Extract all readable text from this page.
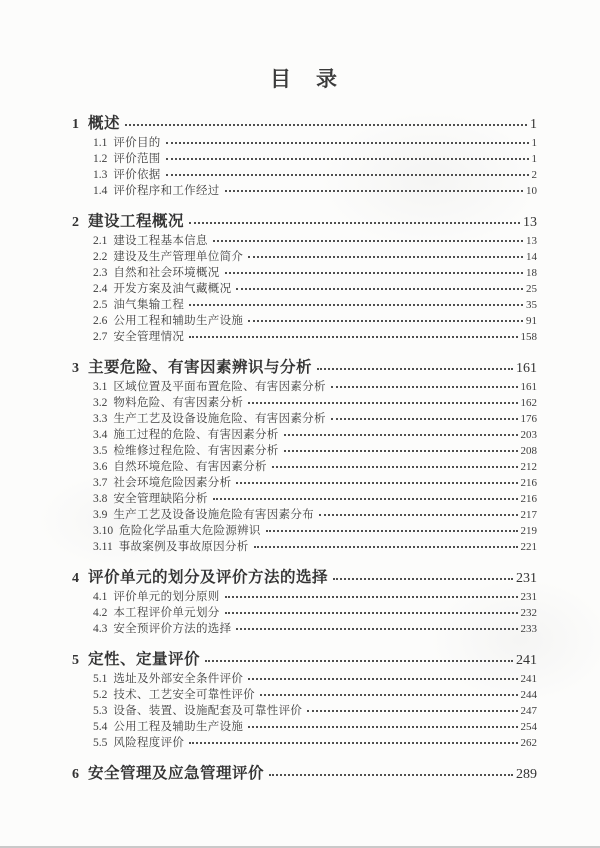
目　录
1 概述	1
1.1 评价目的	1
1.2 评价范围	1
1.3 评价依据	2
1.4 评价程序和工作经过	10
2 建设工程概况	13
2.1 建设工程基本信息	13
2.2 建设及生产管理单位简介	14
2.3 自然和社会环境概况	18
2.4 开发方案及油气藏概况	25
2.5 油气集输工程	35
2.6 公用工程和辅助生产设施	91
2.7 安全管理情况	158
3 主要危险、有害因素辨识与分析	161
3.1 区域位置及平面布置危险、有害因素分析	161
3.2 物料危险、有害因素分析	162
3.3 生产工艺及设备设施危险、有害因素分析	176
3.4 施工过程的危险、有害因素分析	203
3.5 检维修过程危险、有害因素分析	208
3.6 自然环境危险、有害因素分析	212
3.7 社会环境危险因素分析	216
3.8 安全管理缺陷分析	216
3.9 生产工艺及设备设施危险有害因素分布	217
3.10 危险化学品重大危险源辨识	219
3.11 事故案例及事故原因分析	221
4 评价单元的划分及评价方法的选择	231
4.1 评价单元的划分原则	231
4.2 本工程评价单元划分	232
4.3 安全预评价方法的选择	233
5 定性、定量评价	241
5.1 选址及外部安全条件评价	241
5.2 技术、工艺安全可靠性评价	244
5.3 设备、装置、设施配套及可靠性评价	247
5.4 公用工程及辅助生产设施	254
5.5 风险程度评价	262
6 安全管理及应急管理评价	289
